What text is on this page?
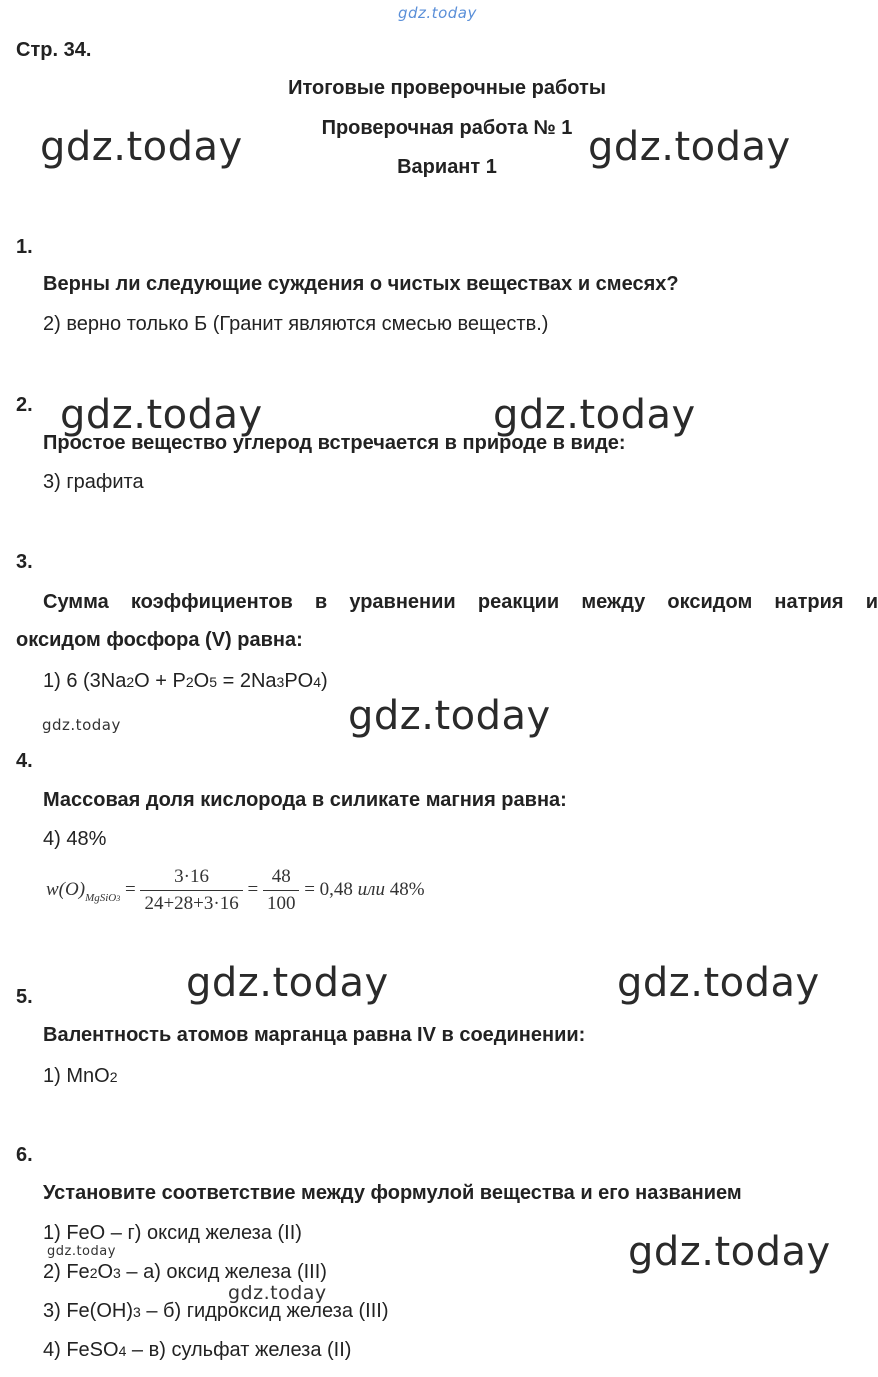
gdz.today
Стр. 34.
Итоговые проверочные работы
Проверочная работа № 1
Вариант 1
gdz.today	gdz.today
1.
Верны ли следующие суждения о чистых веществах и смесях?
2) верно только Б (Гранит являются смесью веществ.)
2. gdz.today	gdz.today
Простое вещество углерод встречается в природе в виде:
3) графита
3.
Сумма коэффициентов в уравнении реакции между оксидом натрия и
оксидом фосфора (V) равна:
1) 6 (3Na2O + P2O5 = 2Na3PO4)
gdz.today	gdz.today
4.
Массовая доля кислорода в силикате магния равна:
4) 48%
$w(O)_{MgSiO3} = \frac{3\cdot 16}{24+28+3\cdot 16} = \frac{48}{100} = 0,48$ или 48%
gdz.today	gdz.today
5.
Валентность атомов марганца равна IV в соединении:
1) MnO2
6.
Установите соответствие между формулой вещества и его названием
1) FeO – г) оксид железа (II)
gdz.today	gdz.today
2) Fe2O3 – а) оксид железа (III)
gdz.today
3) Fe(OH)3 – б) гидроксид железа (III)
4) FeSO4 – в) сульфат железа (II)
